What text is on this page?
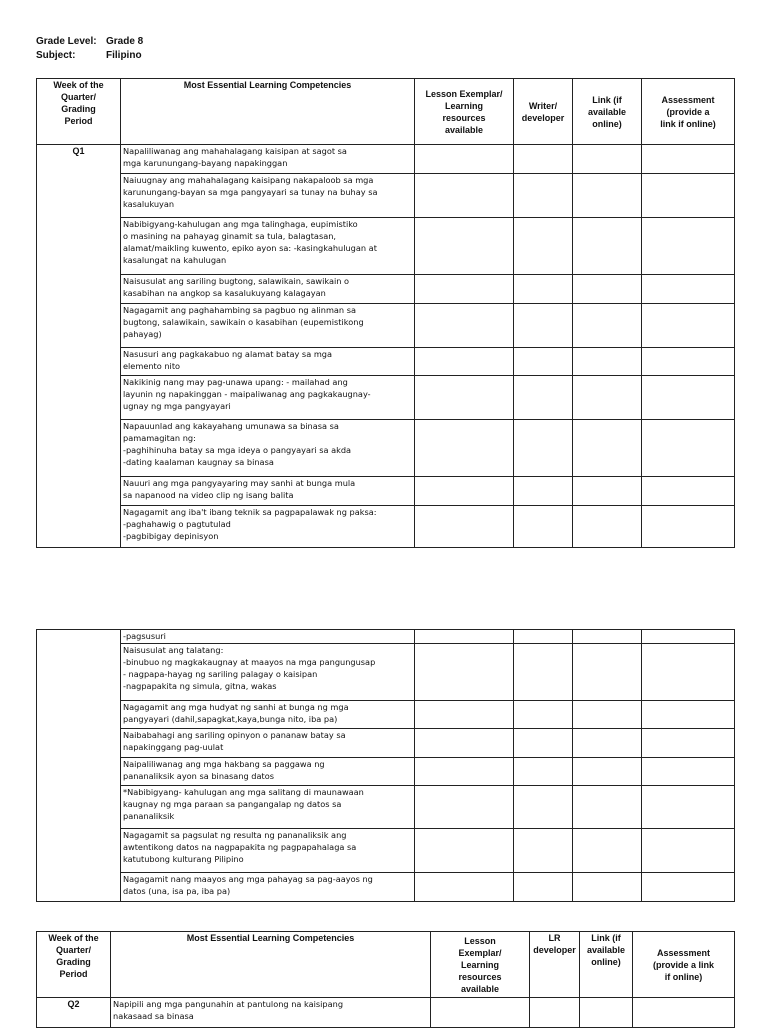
Grade Level: Grade 8
Subject:	Filipino
Week of the
Quarter/
Grading
Period	Most Essential Learning Competencies	Lesson Exemplar/
Learning
resources
available	Writer/
developer	Link (if
available
online)	Assessment
(provide a
link if online)
Q1	Napaliliwanag ang mahahalagang kaisipan at sagot sa
mga karunungang-bayang napakinggan				
	Naiuugnay ang mahahalagang kaisipang nakapaloob sa mga
karunungang-bayan sa mga pangyayari sa tunay na buhay sa
kasalukuyan				
	Nabibigyang-kahulugan ang mga talinghaga, eupimistiko
o masining na pahayag ginamit sa tula, balagtasan,
alamat/maikling kuwento, epiko ayon sa: -kasingkahulugan at
kasalungat na kahulugan				
	Naisusulat ang sariling bugtong, salawikain, sawikain o
kasabihan na angkop sa kasalukuyang kalagayan				
	Nagagamit ang paghahambing sa pagbuo ng alinman sa
bugtong, salawikain, sawikain o kasabihan (eupemistikong
pahayag)				
	Nasusuri ang pagkakabuo ng alamat batay sa mga
elemento nito				
	Nakikinig nang may pag-unawa upang: - mailahad ang
layunin ng napakinggan - maipaliwanag ang pagkakaugnay-
ugnay ng mga pangyayari				
	Napauunlad ang kakayahang umunawa sa binasa sa
pamamagitan ng:
-paghihinuha batay sa mga ideya o pangyayari sa akda
-dating kaalaman kaugnay sa binasa				
	Nauuri ang mga pangyayaring may sanhi at bunga mula
sa napanood na video clip ng isang balita				
	Nagagamit ang iba't ibang teknik sa pagpapalawak ng paksa:
-paghahawig o pagtutulad
-pagbibigay depinisyon				
	-pagsusuri				
	Naisusulat ang talatang:
-binubuo ng magkakaugnay at maayos na mga pangungusap
- nagpapa-hayag ng sariling palagay o kaisipan
-nagpapakita ng simula, gitna, wakas				
	Nagagamit ang mga hudyat ng sanhi at bunga ng mga
pangyayari (dahil,sapagkat,kaya,bunga nito, iba pa)				
	Naibabahagi ang sariling opinyon o pananaw batay sa
napakinggang pag-uulat				
	Naipaliliwanag ang mga hakbang sa paggawa ng
pananaliksik ayon sa binasang datos				
	*Nabibigyang- kahulugan ang mga salitang di maunawaan
kaugnay ng mga paraan sa pangangalap ng datos sa
pananaliksik				
	Nagagamit sa pagsulat ng resulta ng pananaliksik ang
awtentikong datos na nagpapakita ng pagpapahalaga sa
katutubong kulturang Pilipino				
	Nagagamit nang maayos ang mga pahayag sa pag-aayos ng
datos (una, isa pa, iba pa)				
Week of the
Quarter/
Grading
Period	Most Essential Learning Competencies	Lesson
Exemplar/
Learning
resources
available	LR
developer	Link (if
available
online)	Assessment
(provide a link
if online)
Q2	Napipili ang mga pangunahin at pantulong na kaisipang
nakasaad sa binasa				
